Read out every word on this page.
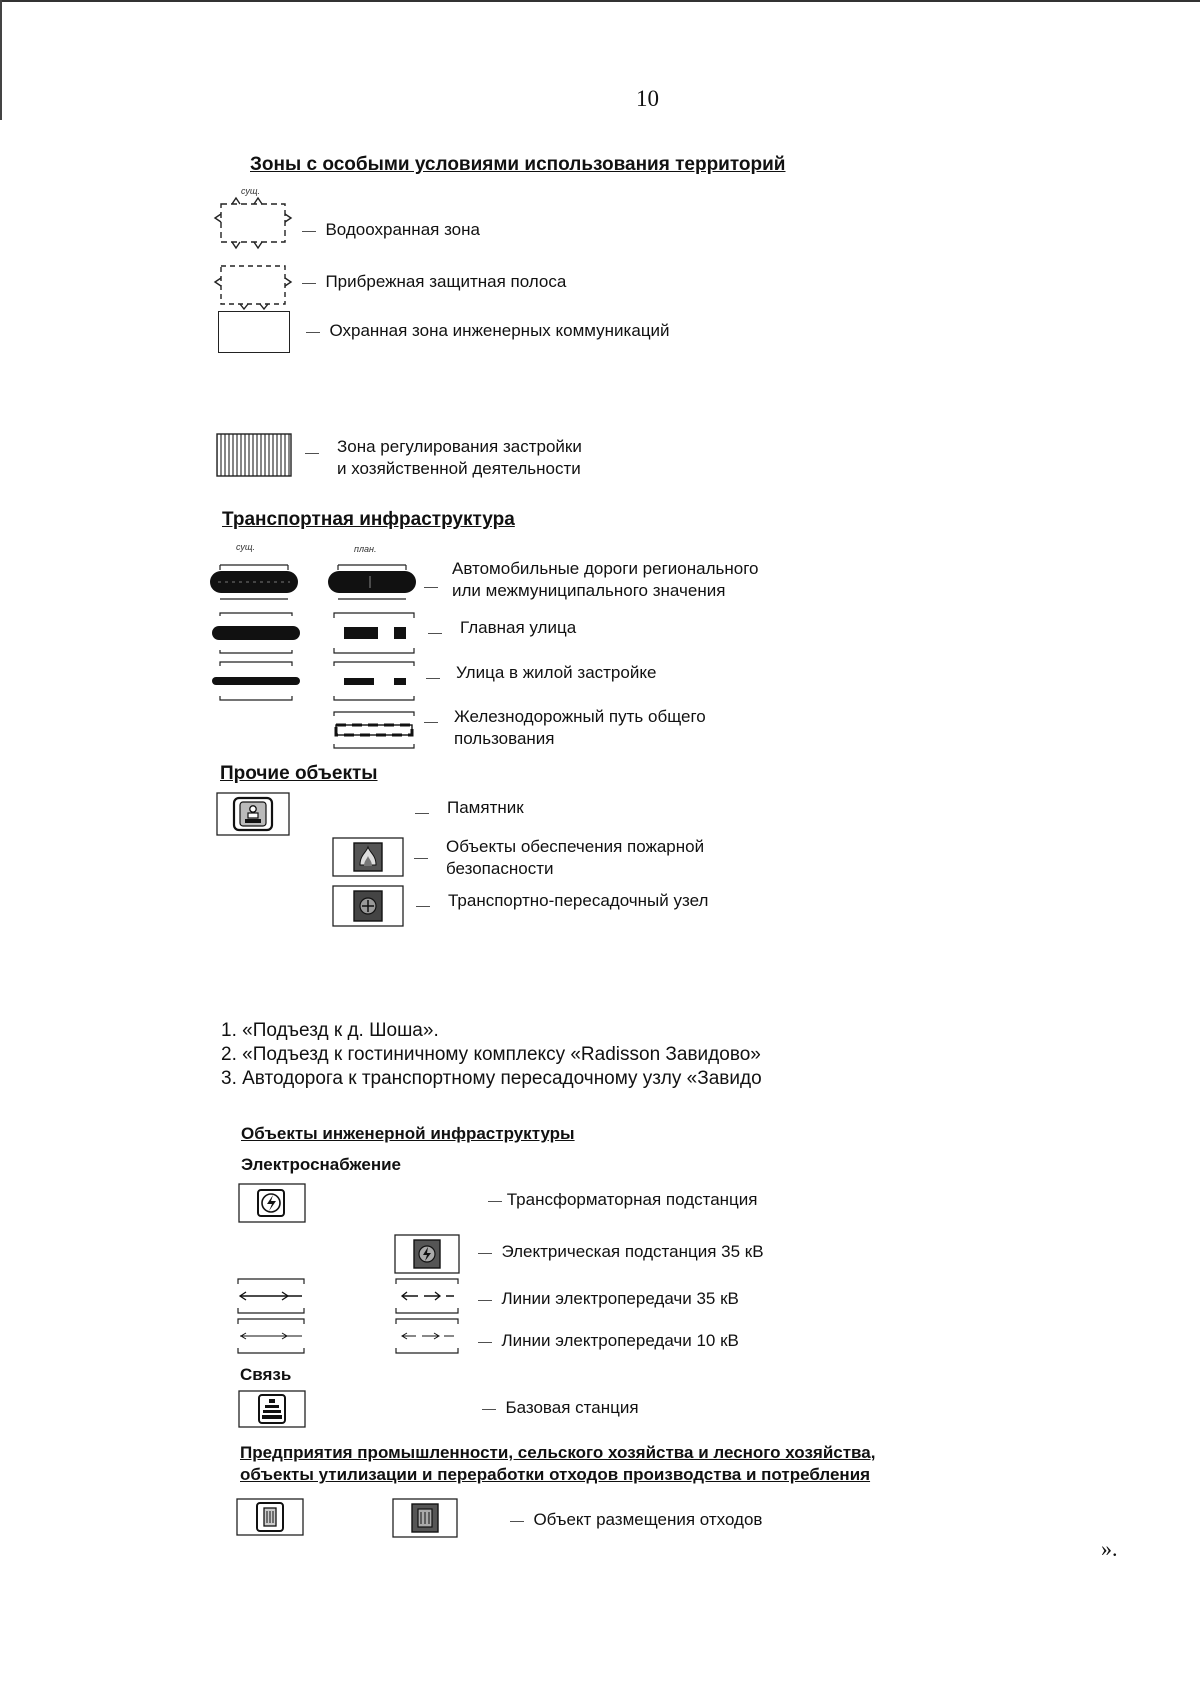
10
Зоны с особыми условиями использования территорий
сущ.
— Водоохранная зона
— Прибрежная защитная полоса
— Охранная зона инженерных коммуникаций
— Зона регулирования застройки
и хозяйственной деятельности
Транспортная инфраструктура
сущ.	план.
—
Автомобильные дороги регионального
или межмуниципального значения
— Главная улица
— Улица в жилой застройке
— Железнодорожный путь общего
пользования
Прочие объекты
— Памятник
—
Объекты обеспечения пожарной
безопасности
— Транспортно-пересадочный узел
1. «Подъезд к д. Шоша».
2. «Подъезд к гостиничному комплексу «Radisson Завидово»
3. Автодорога к транспортному пересадочному узлу «Завидо
Объекты инженерной инфраструктуры
Электроснабжение
— Трансформаторная подстанция
— Электрическая подстанция 35 кВ
— Линии электропередачи 35 кВ
— Линии электропередачи 10 кВ
Связь
— Базовая станция
Предприятия промышленности, сельского хозяйства и лесного хозяйства,
объекты утилизации и переработки отходов производства и потребления
— Объект размещения отходов
».
